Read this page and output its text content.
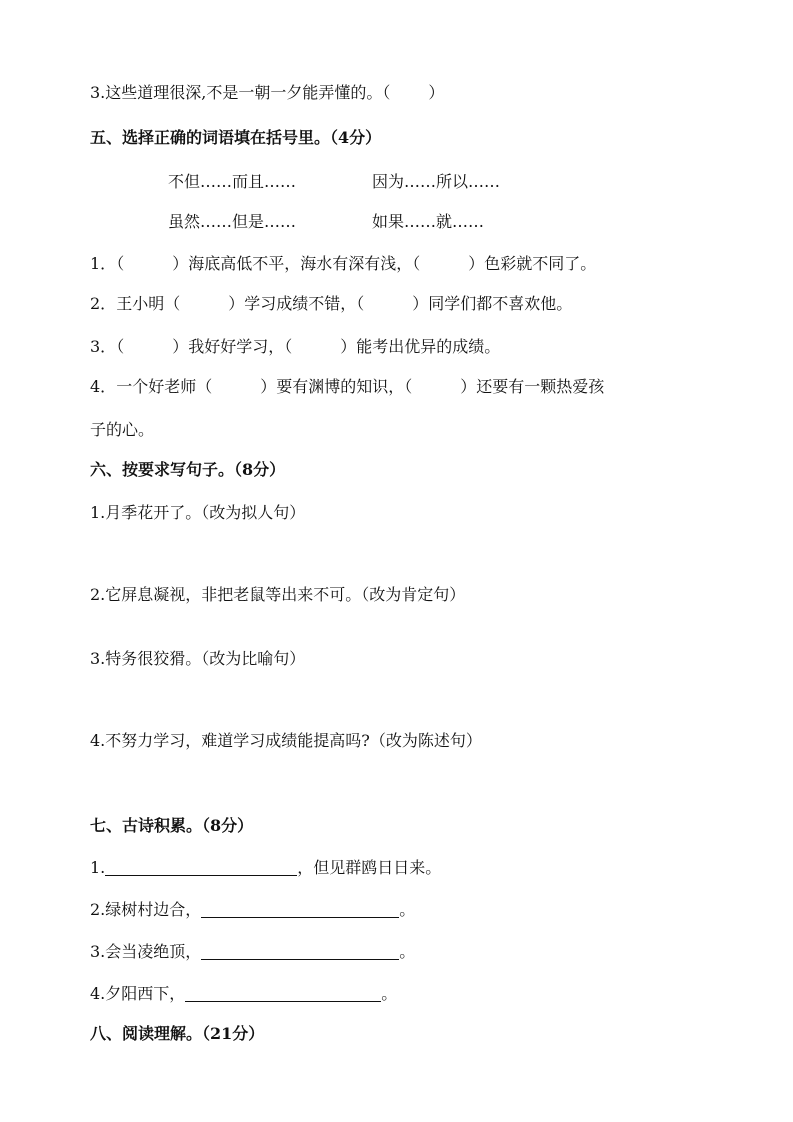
3.这些道理很深,不是一朝一夕能弄懂的。（ ）
五、选择正确的词语填在括号里。（4分）
不但……而且……	因为……所以……
虽然……但是……	如果……就……
1．（	）海底高低不平，海水有深有浅，（	）色彩就不同了。
2．王小明（	）学习成绩不错，（	）同学们都不喜欢他。
3．（	）我好好学习，（	）能考出优异的成绩。
4．一个好老师（	）要有渊博的知识，（	）还要有一颗热爱孩
子的心。
六、按要求写句子。（8分）
1.月季花开了。（改为拟人句）
2.它屏息凝视，非把老鼠等出来不可。（改为肯定句）
3.特务很狡猾。（改为比喻句）
4.不努力学习，难道学习成绩能提高吗?（改为陈述句）
七、古诗积累。（8分）
1.	，但见群鸥日日来。
2.绿树村边合，	。
3.会当凌绝顶，	。
4.夕阳西下，	。
八、阅读理解。（21分）
